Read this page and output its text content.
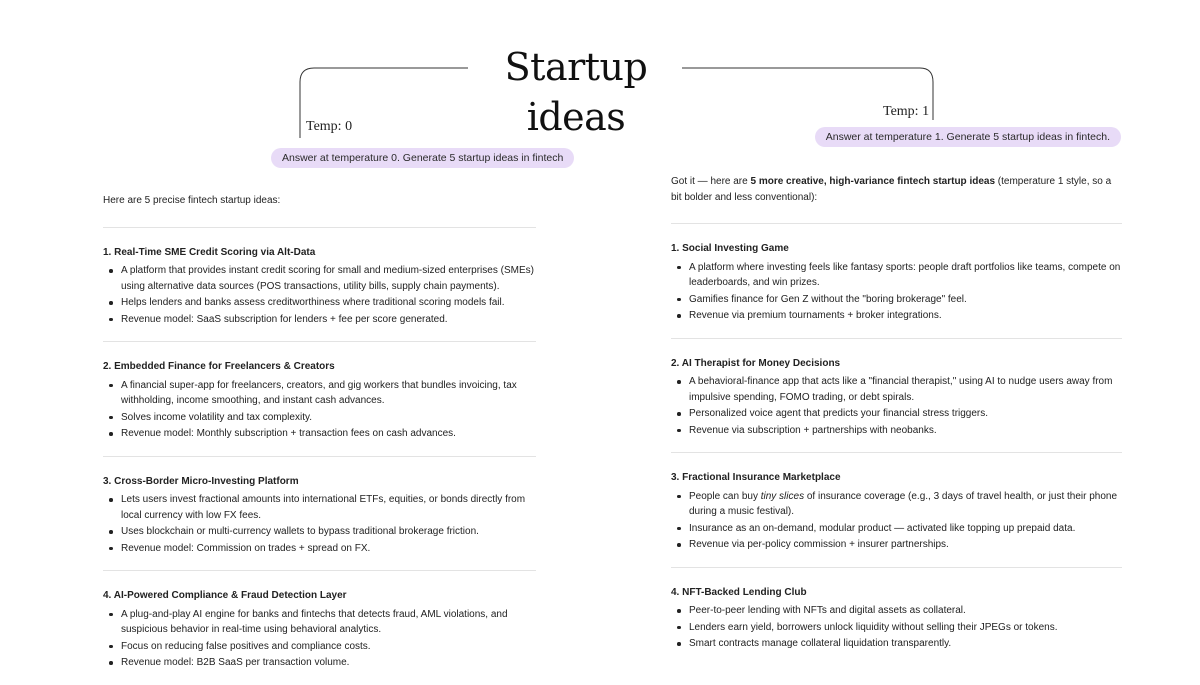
Startup ideas
Temp: 0
Temp: 1
Answer at temperature 0. Generate 5 startup ideas in fintech
Answer at temperature 1. Generate 5 startup ideas in fintech.

Here are 5 precise fintech startup ideas:

1. Real-Time SME Credit Scoring via Alt-Data

A platform that provides instant credit scoring for small and medium-sized enterprises (SMEs) using alternative data sources (POS transactions, utility bills, supply chain payments).
Helps lenders and banks assess creditworthiness where traditional scoring models fail.
Revenue model: SaaS subscription for lenders + fee per score generated.

2. Embedded Finance for Freelancers & Creators

A financial super-app for freelancers, creators, and gig workers that bundles invoicing, tax withholding, income smoothing, and instant cash advances.
Solves income volatility and tax complexity.
Revenue model: Monthly subscription + transaction fees on cash advances.

3. Cross-Border Micro-Investing Platform

Lets users invest fractional amounts into international ETFs, equities, or bonds directly from local currency with low FX fees.
Uses blockchain or multi-currency wallets to bypass traditional brokerage friction.
Revenue model: Commission on trades + spread on FX.

4. AI-Powered Compliance & Fraud Detection Layer

A plug-and-play AI engine for banks and fintechs that detects fraud, AML violations, and suspicious behavior in real-time using behavioral analytics.
Focus on reducing false positives and compliance costs.
Revenue model: B2B SaaS per transaction volume.

Got it — here are 5 more creative, high-variance fintech startup ideas (temperature 1 style, so a bit bolder and less conventional):

1. Social Investing Game

A platform where investing feels like fantasy sports: people draft portfolios like teams, compete on leaderboards, and win prizes.
Gamifies finance for Gen Z without the "boring brokerage" feel.
Revenue via premium tournaments + broker integrations.

2. AI Therapist for Money Decisions

A behavioral-finance app that acts like a "financial therapist," using AI to nudge users away from impulsive spending, FOMO trading, or debt spirals.
Personalized voice agent that predicts your financial stress triggers.
Revenue via subscription + partnerships with neobanks.

3. Fractional Insurance Marketplace

People can buy tiny slices of insurance coverage (e.g., 3 days of travel health, or just their phone during a music festival).
Insurance as an on-demand, modular product — activated like topping up prepaid data.
Revenue via per-policy commission + insurer partnerships.

4. NFT-Backed Lending Club

Peer-to-peer lending with NFTs and digital assets as collateral.
Lenders earn yield, borrowers unlock liquidity without selling their JPEGs or tokens.
Smart contracts manage collateral liquidation transparently.
